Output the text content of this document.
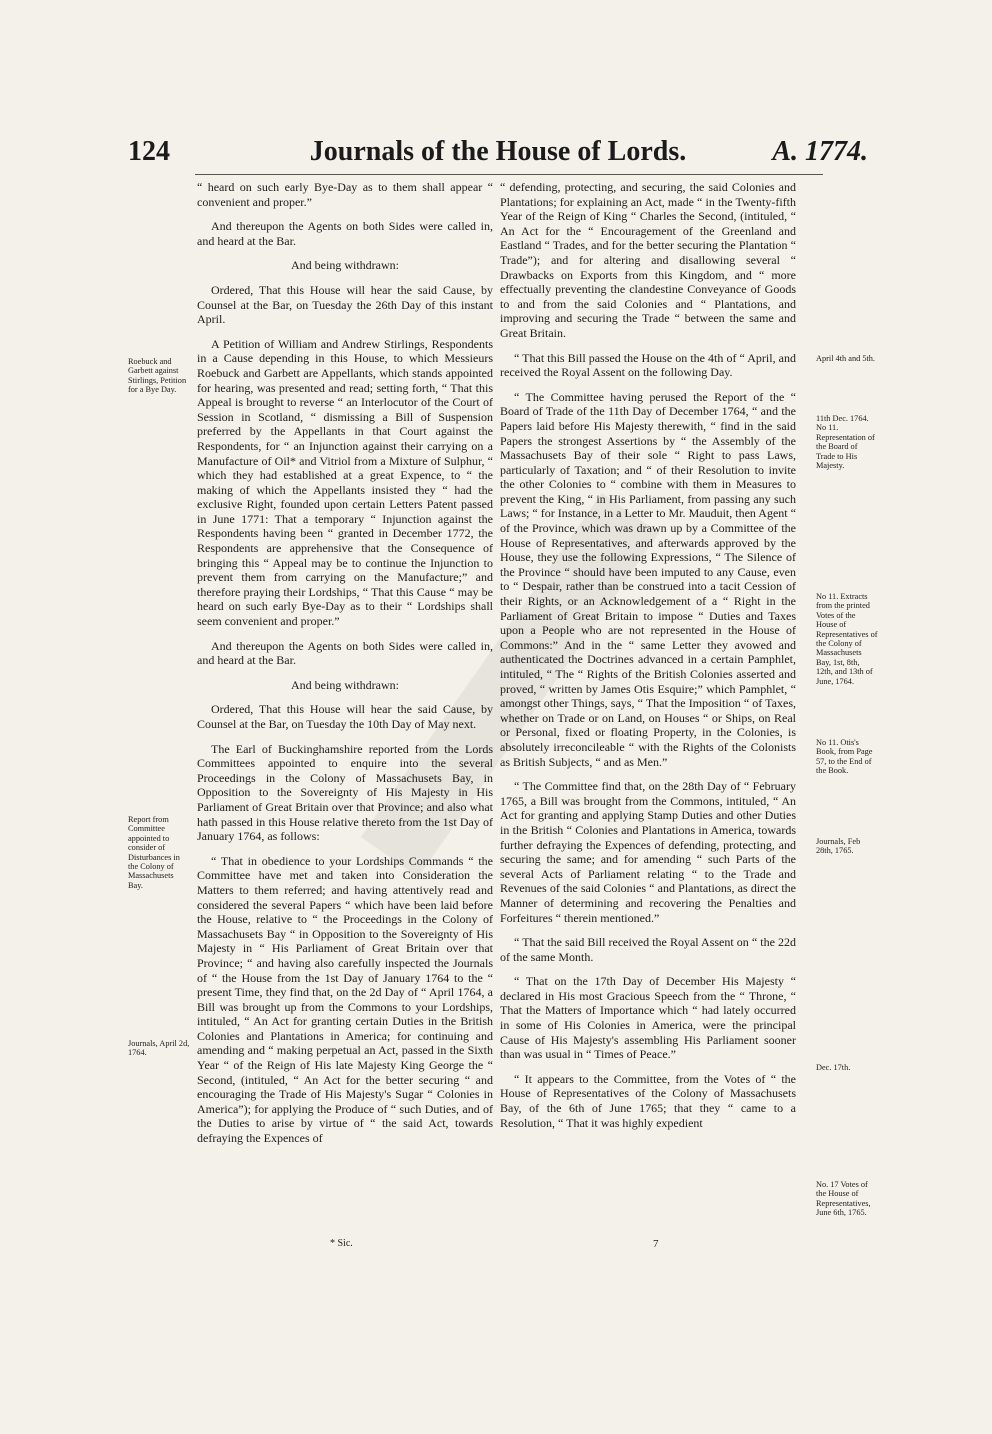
124	Journals of the House of Lords.	A. 1774.

“ heard on such early Bye-Day as to them shall appear “ convenient and proper.”

And thereupon the Agents on both Sides were called in, and heard at the Bar.

And being withdrawn:

Ordered, That this House will hear the said Cause, by Counsel at the Bar, on Tuesday the 26th Day of this instant April.

A Petition of William and Andrew Stirlings, Respondents in a Cause depending in this House, to which Messieurs Roebuck and Garbett are Appellants, which stands appointed for hearing, was presented and read; setting forth, “ That this Appeal is brought to reverse “ an Interlocutor of the Court of Session in Scotland, “ dismissing a Bill of Suspension preferred by the Appellants in that Court against the Respondents, for “ an Injunction against their carrying on a Manufacture of Oil* and Vitriol from a Mixture of Sulphur, “ which they had established at a great Expence, to “ the making of which the Appellants insisted they “ had the exclusive Right, founded upon certain Letters Patent passed in June 1771: That a temporary “ Injunction against the Respondents having been “ granted in December 1772, the Respondents are apprehensive that the Consequence of bringing this “ Appeal may be to continue the Injunction to prevent them from carrying on the Manufacture;” and therefore praying their Lordships, “ That this Cause “ may be heard on such early Bye-Day as to their “ Lordships shall seem convenient and proper.”

And thereupon the Agents on both Sides were called in, and heard at the Bar.

And being withdrawn:

Ordered, That this House will hear the said Cause, by Counsel at the Bar, on Tuesday the 10th Day of May next.

The Earl of Buckinghamshire reported from the Lords Committees appointed to enquire into the several Proceedings in the Colony of Massachusets Bay, in Opposition to the Sovereignty of His Majesty in His Parliament of Great Britain over that Province; and also what hath passed in this House relative thereto from the 1st Day of January 1764, as follows:

“ That in obedience to your Lordships Commands “ the Committee have met and taken into Consideration the Matters to them referred; and having attentively read and considered the several Papers “ which have been laid before the House, relative to “ the Proceedings in the Colony of Massachusets Bay “ in Opposition to the Sovereignty of His Majesty in “ His Parliament of Great Britain over that Province; “ and having also carefully inspected the Journals of “ the House from the 1st Day of January 1764 to the “ present Time, they find that, on the 2d Day of “ April 1764, a Bill was brought up from the Commons to your Lordships, intituled, “ An Act for granting certain Duties in the British Colonies and Plantations in America; for continuing and amending and “ making perpetual an Act, passed in the Sixth Year “ of the Reign of His late Majesty King George the “ Second, (intituled, “ An Act for the better securing “ and encouraging the Trade of His Majesty's Sugar “ Colonies in America”); for applying the Produce of “ such Duties, and of the Duties to arise by virtue of “ the said Act, towards defraying the Expences of

“ defending, protecting, and securing, the said Colonies and Plantations; for explaining an Act, made “ in the Twenty-fifth Year of the Reign of King “ Charles the Second, (intituled, “ An Act for the “ Encouragement of the Greenland and Eastland “ Trades, and for the better securing the Plantation “ Trade”); and for altering and disallowing several “ Drawbacks on Exports from this Kingdom, and “ more effectually preventing the clandestine Conveyance of Goods to and from the said Colonies and “ Plantations, and improving and securing the Trade “ between the same and Great Britain.

“ That this Bill passed the House on the 4th of “ April, and received the Royal Assent on the following Day.

“ The Committee having perused the Report of the “ Board of Trade of the 11th Day of December 1764, “ and the Papers laid before His Majesty therewith, “ find in the said Papers the strongest Assertions by “ the Assembly of the Massachusets Bay of their sole “ Right to pass Laws, particularly of Taxation; and “ of their Resolution to invite the other Colonies to “ combine with them in Measures to prevent the King, “ in His Parliament, from passing any such Laws; “ for Instance, in a Letter to Mr. Mauduit, then Agent “ of the Province, which was drawn up by a Committee of the House of Representatives, and afterwards approved by the House, they use the following Expressions, “ The Silence of the Province “ should have been imputed to any Cause, even to “ Despair, rather than be construed into a tacit Cession of their Rights, or an Acknowledgement of a “ Right in the Parliament of Great Britain to impose “ Duties and Taxes upon a People who are not represented in the House of Commons:” And in the “ same Letter they avowed and authenticated the Doctrines advanced in a certain Pamphlet, intituled, “ The “ Rights of the British Colonies asserted and proved, “ written by James Otis Esquire;” which Pamphlet, “ amongst other Things, says, “ That the Imposition “ of Taxes, whether on Trade or on Land, on Houses “ or Ships, on Real or Personal, fixed or floating Property, in the Colonies, is absolutely irreconcileable “ with the Rights of the Colonists as British Subjects, “ and as Men.”

“ The Committee find that, on the 28th Day of “ February 1765, a Bill was brought from the Commons, intituled, “ An Act for granting and applying Stamp Duties and other Duties in the British “ Colonies and Plantations in America, towards further defraying the Expences of defending, protecting, and securing the same; and for amending “ such Parts of the several Acts of Parliament relating “ to the Trade and Revenues of the said Colonies “ and Plantations, as direct the Manner of determining and recovering the Penalties and Forfeitures “ therein mentioned.”

“ That the said Bill received the Royal Assent on “ the 22d of the same Month.

“ That on the 17th Day of December His Majesty “ declared in His most Gracious Speech from the “ Throne, “ That the Matters of Importance which “ had lately occurred in some of His Colonies in America, were the principal Cause of His Majesty's assembling His Parliament sooner than was usual in “ Times of Peace.”

“ It appears to the Committee, from the Votes of “ the House of Representatives of the Colony of Massachusets Bay, of the 6th of June 1765; that they “ came to a Resolution, “ That it was highly expedient

Roebuck and Garbett against Stirlings, Petition for a Bye Day.
Report from Committee appointed to consider of Disturbances in the Colony of Massachusets Bay.
Journals, April 2d, 1764.
April 4th and 5th.
11th Dec. 1764. No 11. Representation of the Board of Trade to His Majesty.
No 11. Extracts from the printed Votes of the House of Representatives of the Colony of Massachusets Bay, 1st, 8th, 12th, and 13th of June, 1764.
No 11. Otis's Book, from Page 57, to the End of the Book.
Journals, Feb 28th, 1765.
Dec. 17th.
No. 17 Votes of the House of Representatives, June 6th, 1765.
* Sic.	7
